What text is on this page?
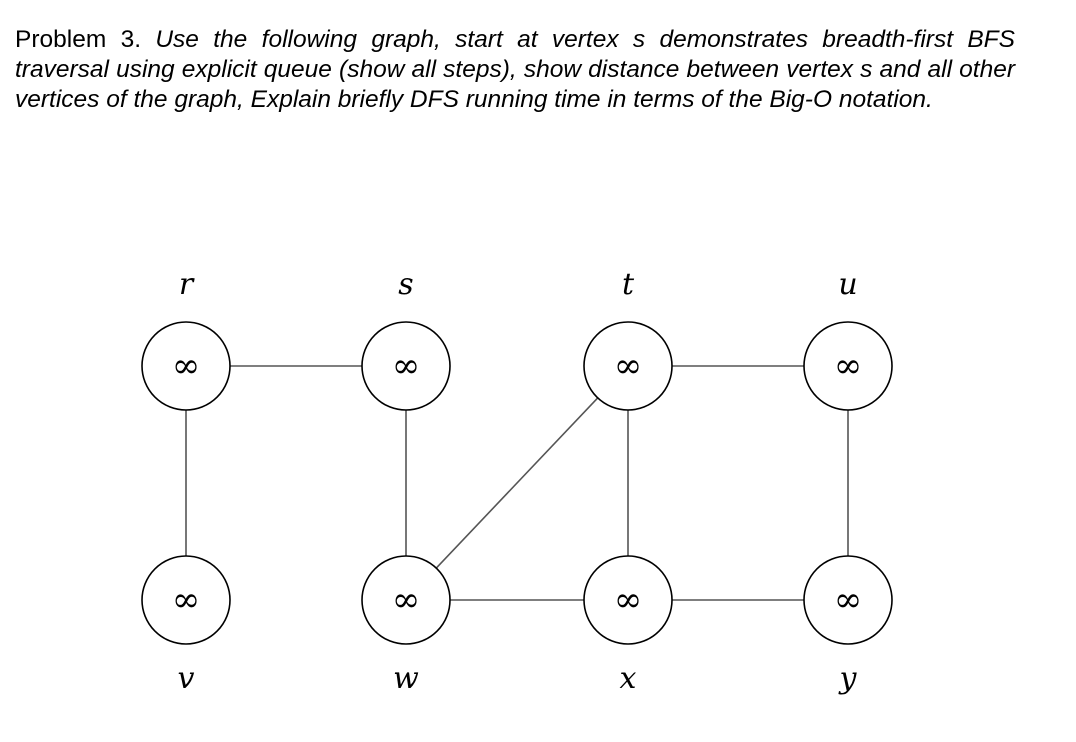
Problem 3. Use the following graph, start at vertex s demonstrates breadth-first BFS traversal using explicit queue (show all steps), show distance between vertex s and all other vertices of the graph, Explain briefly DFS running time in terms of the Big-O notation.

∞
r
∞
s
∞
t
∞
u
∞
v
∞
w
∞
x
∞
y
